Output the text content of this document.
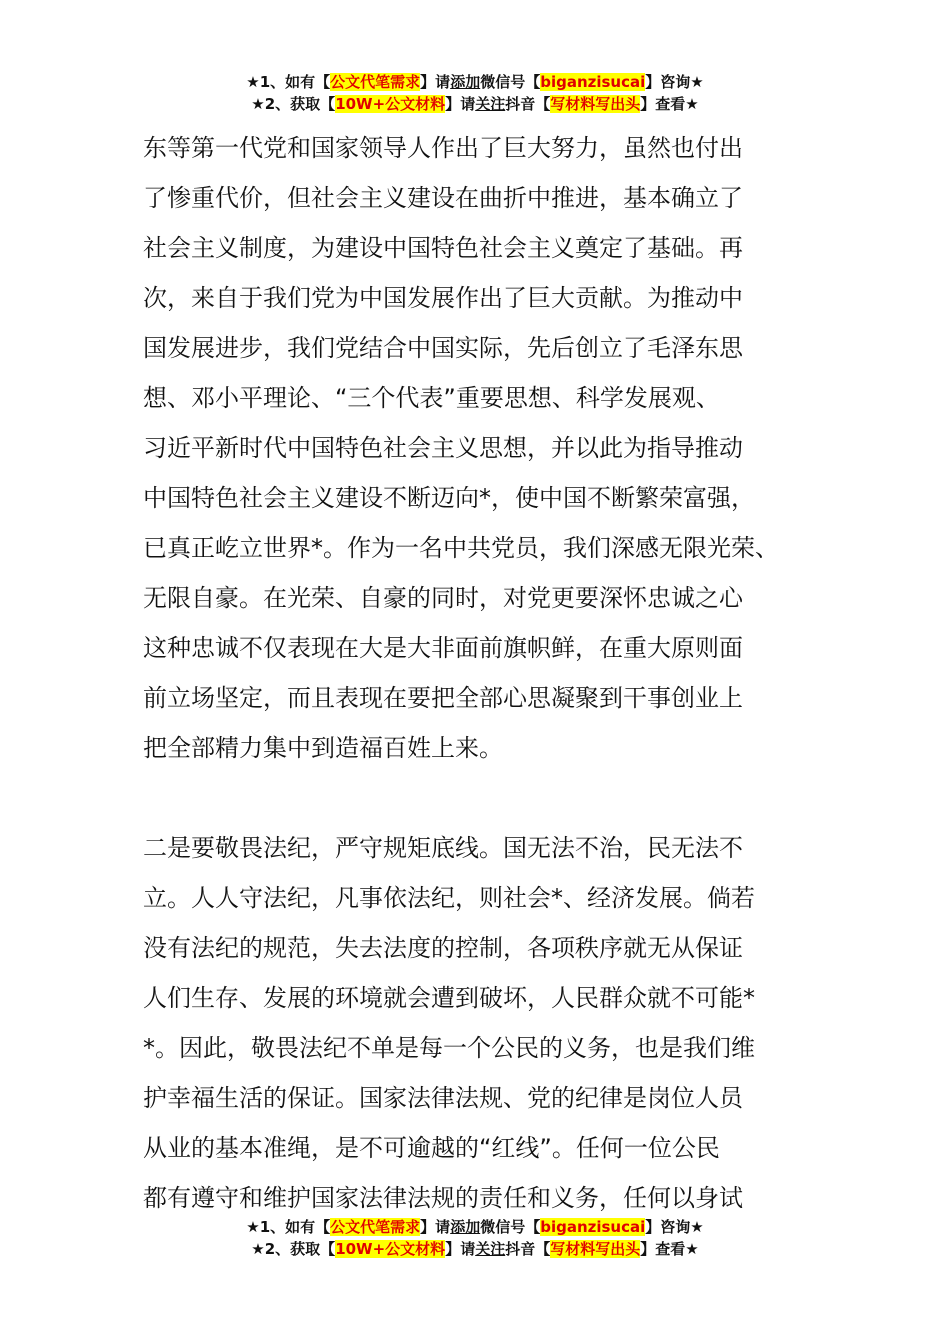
★1、如有【公文代笔需求】请添加微信号【biganzisucai】咨询★
★2、获取【10W+公文材料】请关注抖音【写材料写出头】查看★
东等第一代党和国家领导人作出了巨大努力，虽然也付出
了惨重代价，但社会主义建设在曲折中推进，基本确立了
社会主义制度，为建设中国特色社会主义奠定了基础。再
次，来自于我们党为中国发展作出了巨大贡献。为推动中
国发展进步，我们党结合中国实际，先后创立了毛泽东思
想、邓小平理论、“三个代表”重要思想、科学发展观、
习近平新时代中国特色社会主义思想，并以此为指导推动
中国特色社会主义建设不断迈向*，使中国不断繁荣富强，
已真正屹立世界*。作为一名中共党员，我们深感无限光荣、
无限自豪。在光荣、自豪的同时，对党更要深怀忠诚之心
这种忠诚不仅表现在大是大非面前旗帜鲜，在重大原则面
前立场坚定，而且表现在要把全部心思凝聚到干事创业上
把全部精力集中到造福百姓上来。
二是要敬畏法纪，严守规矩底线。国无法不治，民无法不
立。人人守法纪，凡事依法纪，则社会*、经济发展。倘若
没有法纪的规范，失去法度的控制，各项秩序就无从保证
人们生存、发展的环境就会遭到破坏，人民群众就不可能*
*。因此，敬畏法纪不单是每一个公民的义务，也是我们维
护幸福生活的保证。国家法律法规、党的纪律是岗位人员
从业的基本准绳，是不可逾越的“红线”。任何一位公民
都有遵守和维护国家法律法规的责任和义务，任何以身试
★1、如有【公文代笔需求】请添加微信号【biganzisucai】咨询★
★2、获取【10W+公文材料】请关注抖音【写材料写出头】查看★
